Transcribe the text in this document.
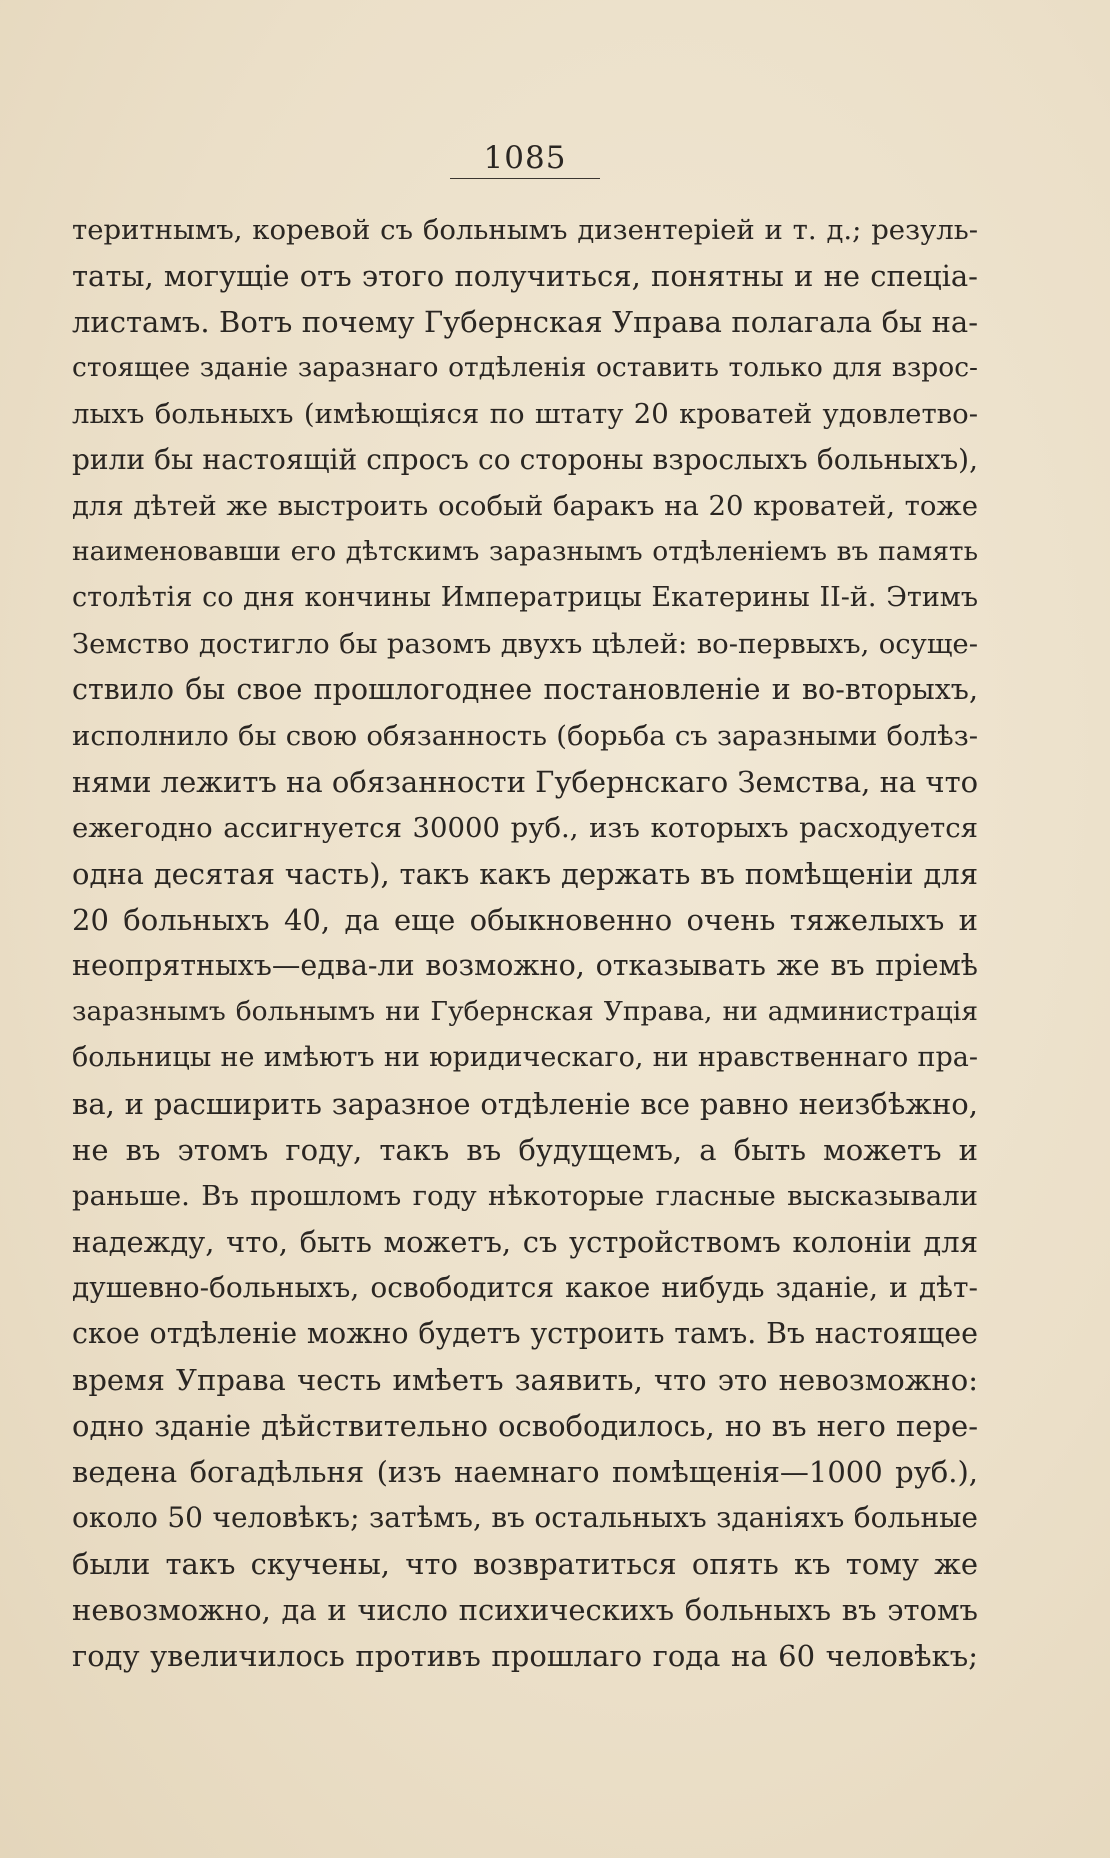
1085
теритнымъ, коревой съ больнымъ дизентеріей и т. д.; резуль-
таты, могущіе отъ этого получиться, понятны и не спеціа-
листамъ. Вотъ почему Губернская Управа полагала бы на-
стоящее зданіе заразнаго отдѣленія оставить только для взрос-
лыхъ больныхъ (имѣющіяся по штату 20 кроватей удовлетво-
рили бы настоящій спросъ со стороны взрослыхъ больныхъ),
для дѣтей же выстроить особый баракъ на 20 кроватей, тоже
наименовавши его дѣтскимъ заразнымъ отдѣленіемъ въ память
столѣтія со дня кончины Императрицы Екатерины II-й. Этимъ
Земство достигло бы разомъ двухъ цѣлей: во-первыхъ, осуще-
ствило бы свое прошлогоднее постановленіе и во-вторыхъ,
исполнило бы свою обязанность (борьба съ заразными болѣз-
нями лежитъ на обязанности Губернскаго Земства, на что
ежегодно ассигнуется 30000 руб., изъ которыхъ расходуется
одна десятая часть), такъ какъ держать въ помѣщеніи для
20 больныхъ 40, да еще обыкновенно очень тяжелыхъ и
неопрятныхъ—едва-ли возможно, отказывать же въ пріемѣ
заразнымъ больнымъ ни Губернская Управа, ни администрація
больницы не имѣютъ ни юридическаго, ни нравственнаго пра-
ва, и расширить заразное отдѣленіе все равно неизбѣжно,
не въ этомъ году, такъ въ будущемъ, а быть можетъ и
раньше. Въ прошломъ году нѣкоторые гласные высказывали
надежду, что, быть можетъ, съ устройствомъ колоніи для
душевно-больныхъ, освободится какое нибудь зданіе, и дѣт-
ское отдѣленіе можно будетъ устроить тамъ. Въ настоящее
время Управа честь имѣетъ заявить, что это невозможно:
одно зданіе дѣйствительно освободилось, но въ него пере-
ведена богадѣльня (изъ наемнаго помѣщенія—1000 руб.),
около 50 человѣкъ; затѣмъ, въ остальныхъ зданіяхъ больные
были такъ скучены, что возвратиться опять къ тому же
невозможно, да и число психическихъ больныхъ въ этомъ
году увеличилось противъ прошлаго года на 60 человѣкъ;
